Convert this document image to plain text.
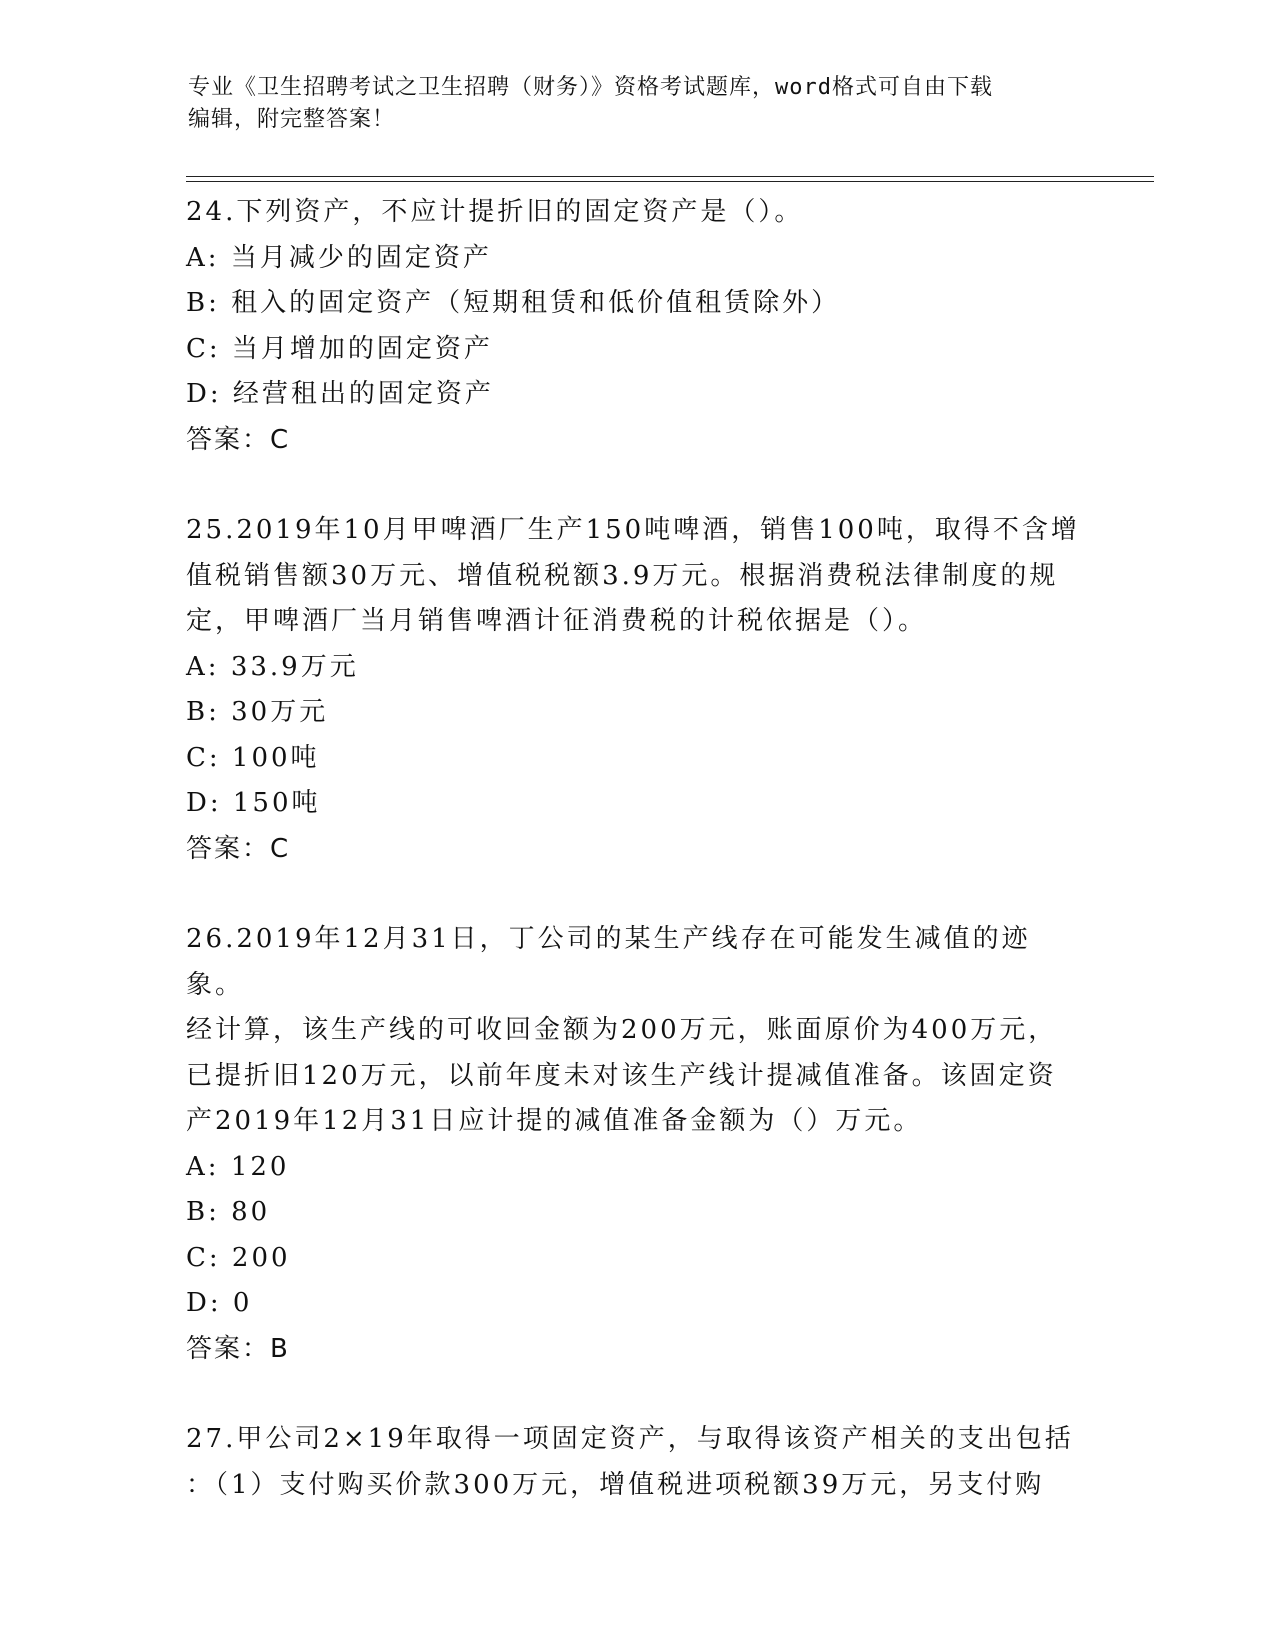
专业《卫生招聘考试之卫生招聘（财务）》资格考试题库，word格式可自由下载
编辑，附完整答案！
24.下列资产，不应计提折旧的固定资产是（）。
A:
当月减少的固定资产
B:
租入的固定资产（短期租赁和低价值租赁除外）
C:
当月增加的固定资产
D:
经营租出的固定资产
答案：C
25.2019年10月甲啤酒厂生产150吨啤酒，销售100吨，取得不含增
值税销售额30万元、增值税税额3.9万元。根据消费税法律制度的规
定，甲啤酒厂当月销售啤酒计征消费税的计税依据是（）。
A:
33.9万元
B:
30万元
C:
100吨
D:
150吨
答案：C
26.2019年12月31日，丁公司的某生产线存在可能发生减值的迹象。
经计算，该生产线的可收回金额为200万元，账面原价为400万元，
已提折旧120万元，以前年度未对该生产线计提减值准备。该固定资
产2019年12月31日应计提的减值准备金额为（）万元。
A:
120
B:
80
C:
200
D:
0
答案：B
27.甲公司2×19年取得一项固定资产，与取得该资产相关的支出包括
：（1）支付购买价款300万元，增值税进项税额39万元，另支付购
